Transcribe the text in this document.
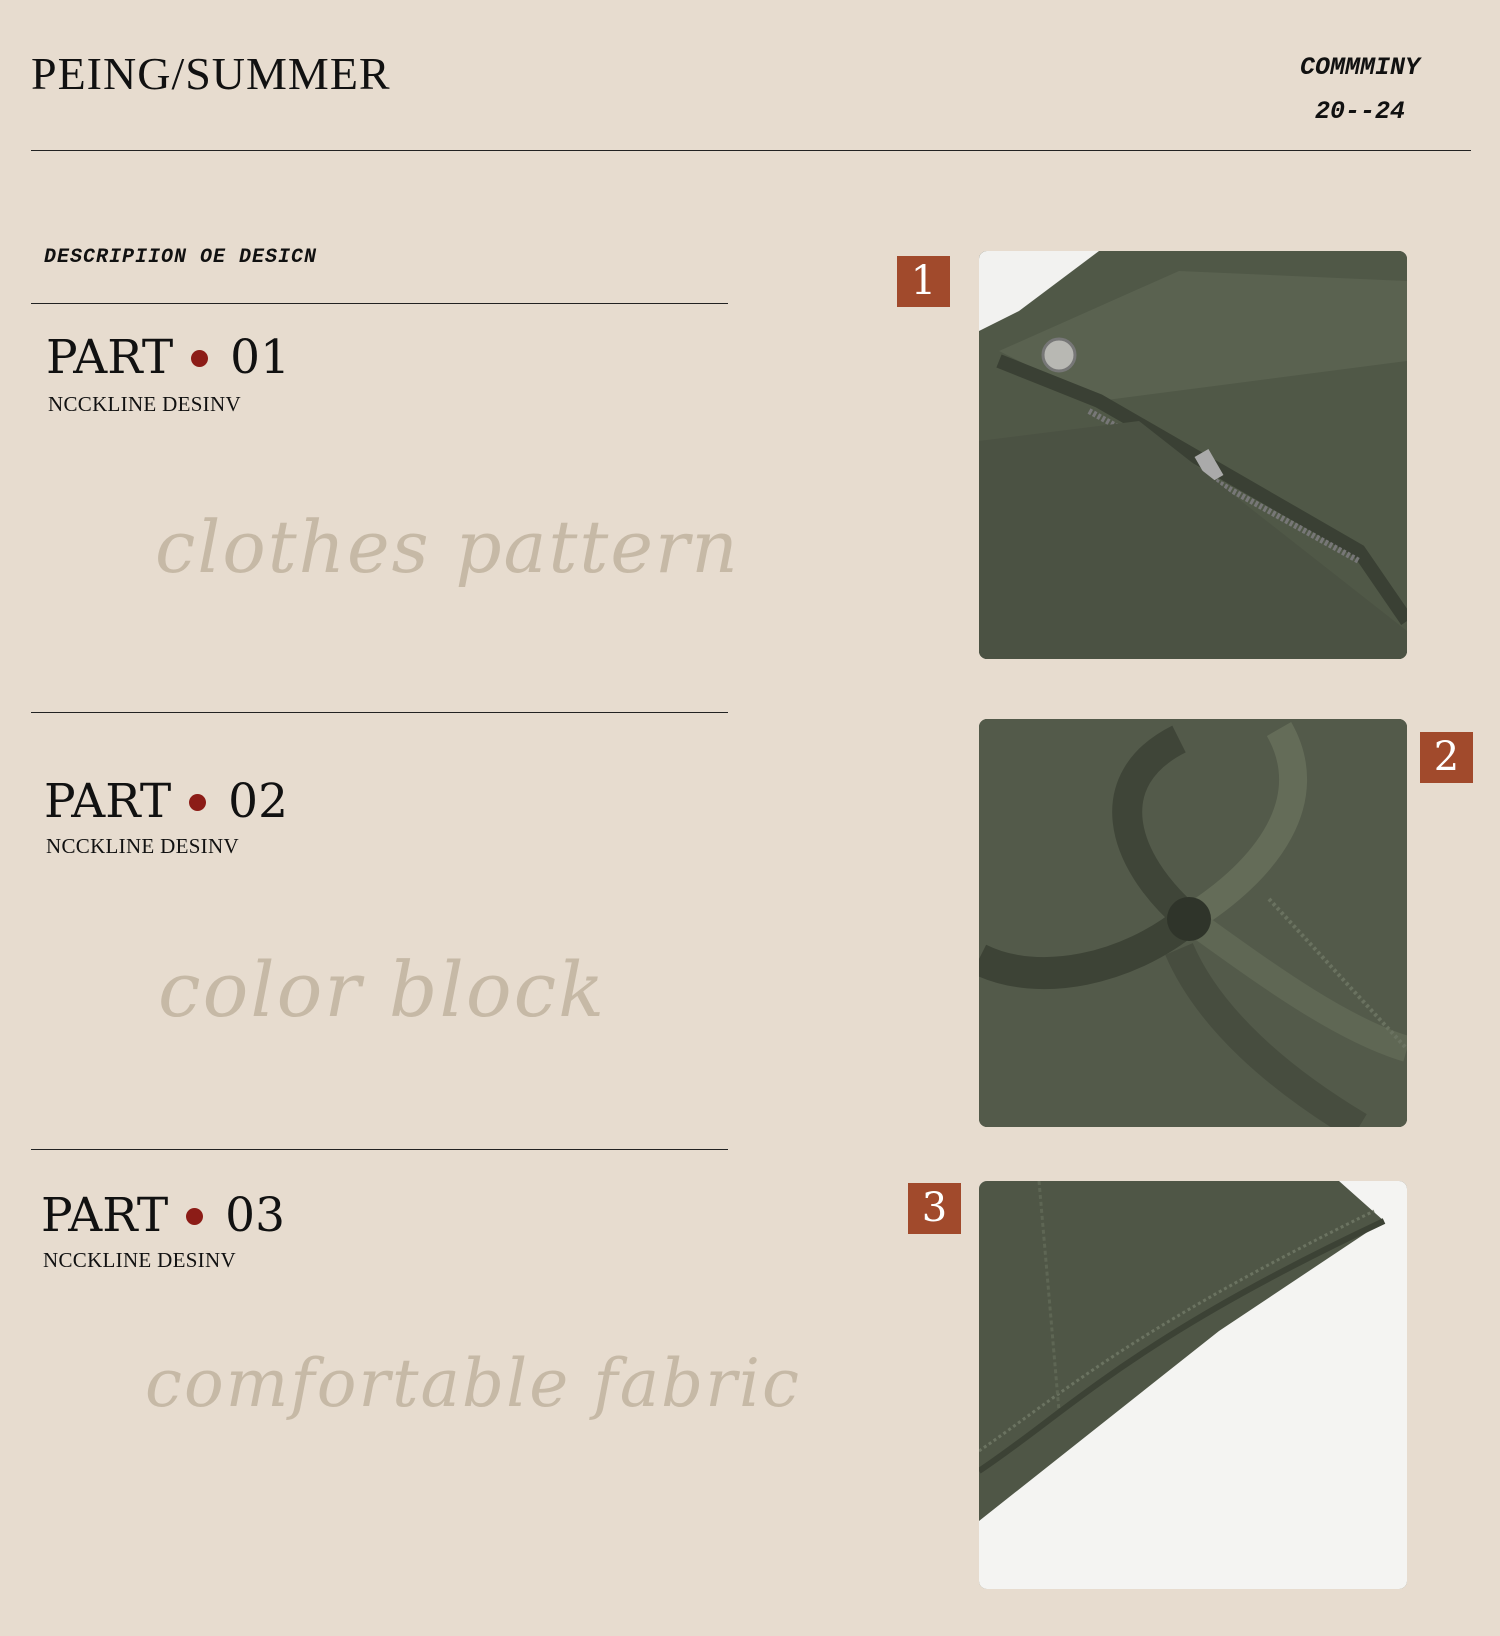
PEING/SUMMER	COMMMINY
20--24
DESCRIPIION OE DESICN
PART 01
NCCKLINE DESINV
clothes pattern
PART 02
NCCKLINE DESINV
color block
PART 03
NCCKLINE DESINV
comfortable fabric
1
2
3
